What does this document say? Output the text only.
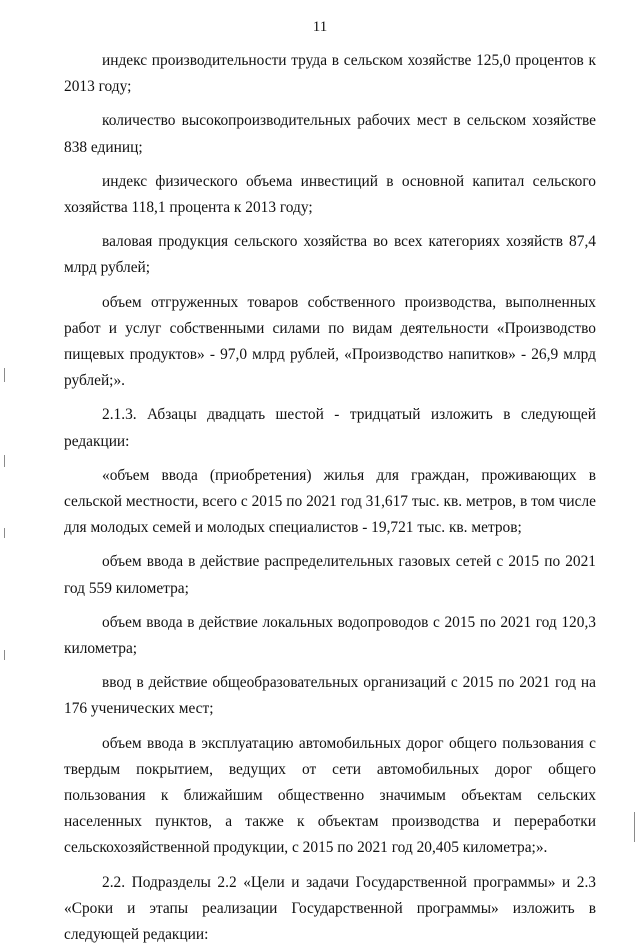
11

индекс производительности труда в сельском хозяйстве 125,0 процентов к 2013 году;

количество высокопроизводительных рабочих мест в сельском хозяйстве 838 единиц;

индекс физического объема инвестиций в основной капитал сельского хозяйства 118,1 процента к 2013 году;

валовая продукция сельского хозяйства во всех категориях хозяйств 87,4 млрд рублей;

объем отгруженных товаров собственного производства, выполненных работ и услуг собственными силами по видам деятельности «Производство пищевых продуктов» - 97,0 млрд рублей, «Производство напитков» - 26,9 млрд рублей;».

2.1.3. Абзацы двадцать шестой - тридцатый изложить в следующей редакции:

«объем ввода (приобретения) жилья для граждан, проживающих в сельской местности, всего с 2015 по 2021 год 31,617 тыс. кв. метров, в том числе для молодых семей и молодых специалистов - 19,721 тыс. кв. метров;

объем ввода в действие распределительных газовых сетей с 2015 по 2021 год 559 километра;

объем ввода в действие локальных водопроводов с 2015 по 2021 год 120,3 километра;

ввод в действие общеобразовательных организаций с 2015 по 2021 год на 176 ученических мест;

объем ввода в эксплуатацию автомобильных дорог общего пользования с твердым покрытием, ведущих от сети автомобильных дорог общего пользования к ближайшим общественно значимым объектам сельских населенных пунктов, а также к объектам производства и переработки сельскохозяйственной продукции, с 2015 по 2021 год 20,405 километра;».

2.2. Подразделы 2.2 «Цели и задачи Государственной программы» и 2.3 «Сроки и этапы реализации Государственной программы» изложить в следующей редакции:
